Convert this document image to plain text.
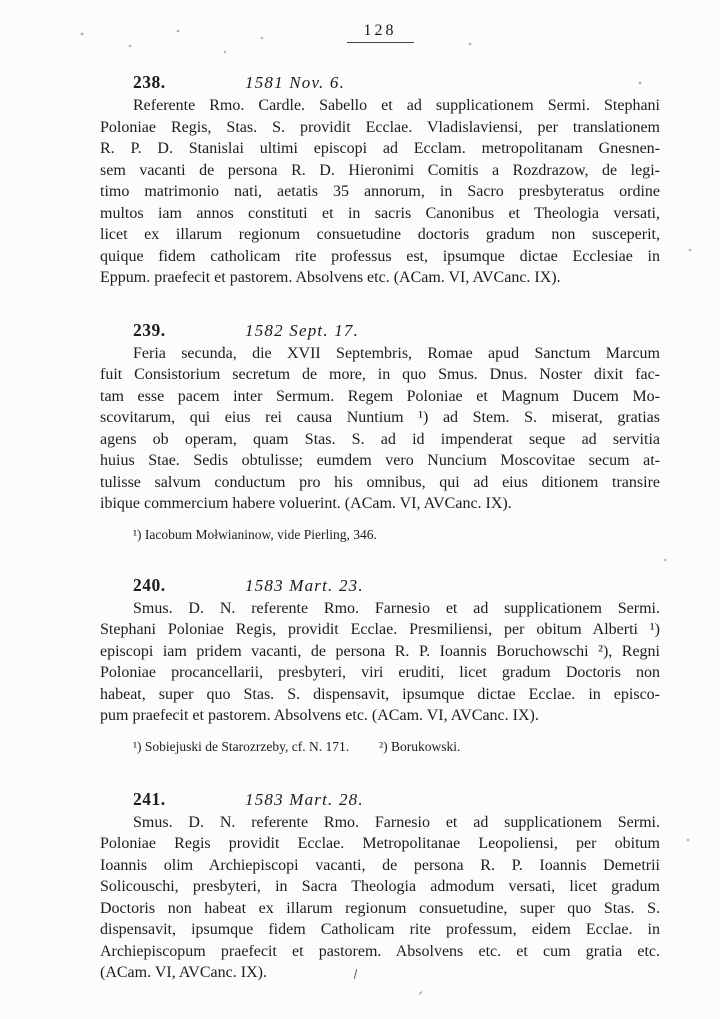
128
238.	1581 Nov. 6.
Referente Rmo. Cardle. Sabello et ad supplicationem Sermi. Stephani
Poloniae Regis, Stas. S. providit Ecclae. Vladislaviensi, per translationem
R. P. D. Stanislai ultimi episcopi ad Ecclam. metropolitanam Gnesnen-
sem vacanti de persona R. D. Hieronimi Comitis a Rozdrazow, de legi-
timo matrimonio nati, aetatis 35 annorum, in Sacro presbyteratus ordine
multos iam annos constituti et in sacris Canonibus et Theologia versati,
licet ex illarum regionum consuetudine doctoris gradum non susceperit,
quique fidem catholicam rite professus est, ipsumque dictae Ecclesiae in
Eppum. praefecit et pastorem. Absolvens etc. (ACam. VI, AVCanc. IX).
239.	1582 Sept. 17.
Feria secunda, die XVII Septembris, Romae apud Sanctum Marcum
fuit Consistorium secretum de more, in quo Smus. Dnus. Noster dixit fac-
tam esse pacem inter Sermum. Regem Poloniae et Magnum Ducem Mo-
scovitarum, qui eius rei causa Nuntium ¹) ad Stem. S. miserat, gratias
agens ob operam, quam Stas. S. ad id impenderat seque ad servitia
huius Stae. Sedis obtulisse; eumdem vero Nuncium Moscovitae secum at-
tulisse salvum conductum pro his omnibus, qui ad eius ditionem transire
ibique commercium habere voluerint. (ACam. VI, AVCanc. IX).
¹) Iacobum Mołwianinow, vide Pierling, 346.
240.	1583 Mart. 23.
Smus. D. N. referente Rmo. Farnesio et ad supplicationem Sermi.
Stephani Poloniae Regis, providit Ecclae. Presmiliensi, per obitum Alberti ¹)
episcopi iam pridem vacanti, de persona R. P. Ioannis Boruchowschi ²), Regni
Poloniae procancellarii, presbyteri, viri eruditi, licet gradum Doctoris non
habeat, super quo Stas. S. dispensavit, ipsumque dictae Ecclae. in episco-
pum praefecit et pastorem. Absolvens etc. (ACam. VI, AVCanc. IX).
¹) Sobiejuski de Starozrzeby, cf. N. 171. ²) Borukowski.
241.	1583 Mart. 28.
Smus. D. N. referente Rmo. Farnesio et ad supplicationem Sermi.
Poloniae Regis providit Ecclae. Metropolitanae Leopoliensi, per obitum
Ioannis olim Archiepiscopi vacanti, de persona R. P. Ioannis Demetrii
Solicouschi, presbyteri, in Sacra Theologia admodum versati, licet gradum
Doctoris non habeat ex illarum regionum consuetudine, super quo Stas. S.
dispensavit, ipsumque fidem Catholicam rite professum, eidem Ecclae. in
Archiepiscopum praefecit et pastorem. Absolvens etc. et cum gratia etc.
(ACam. VI, AVCanc. IX).
